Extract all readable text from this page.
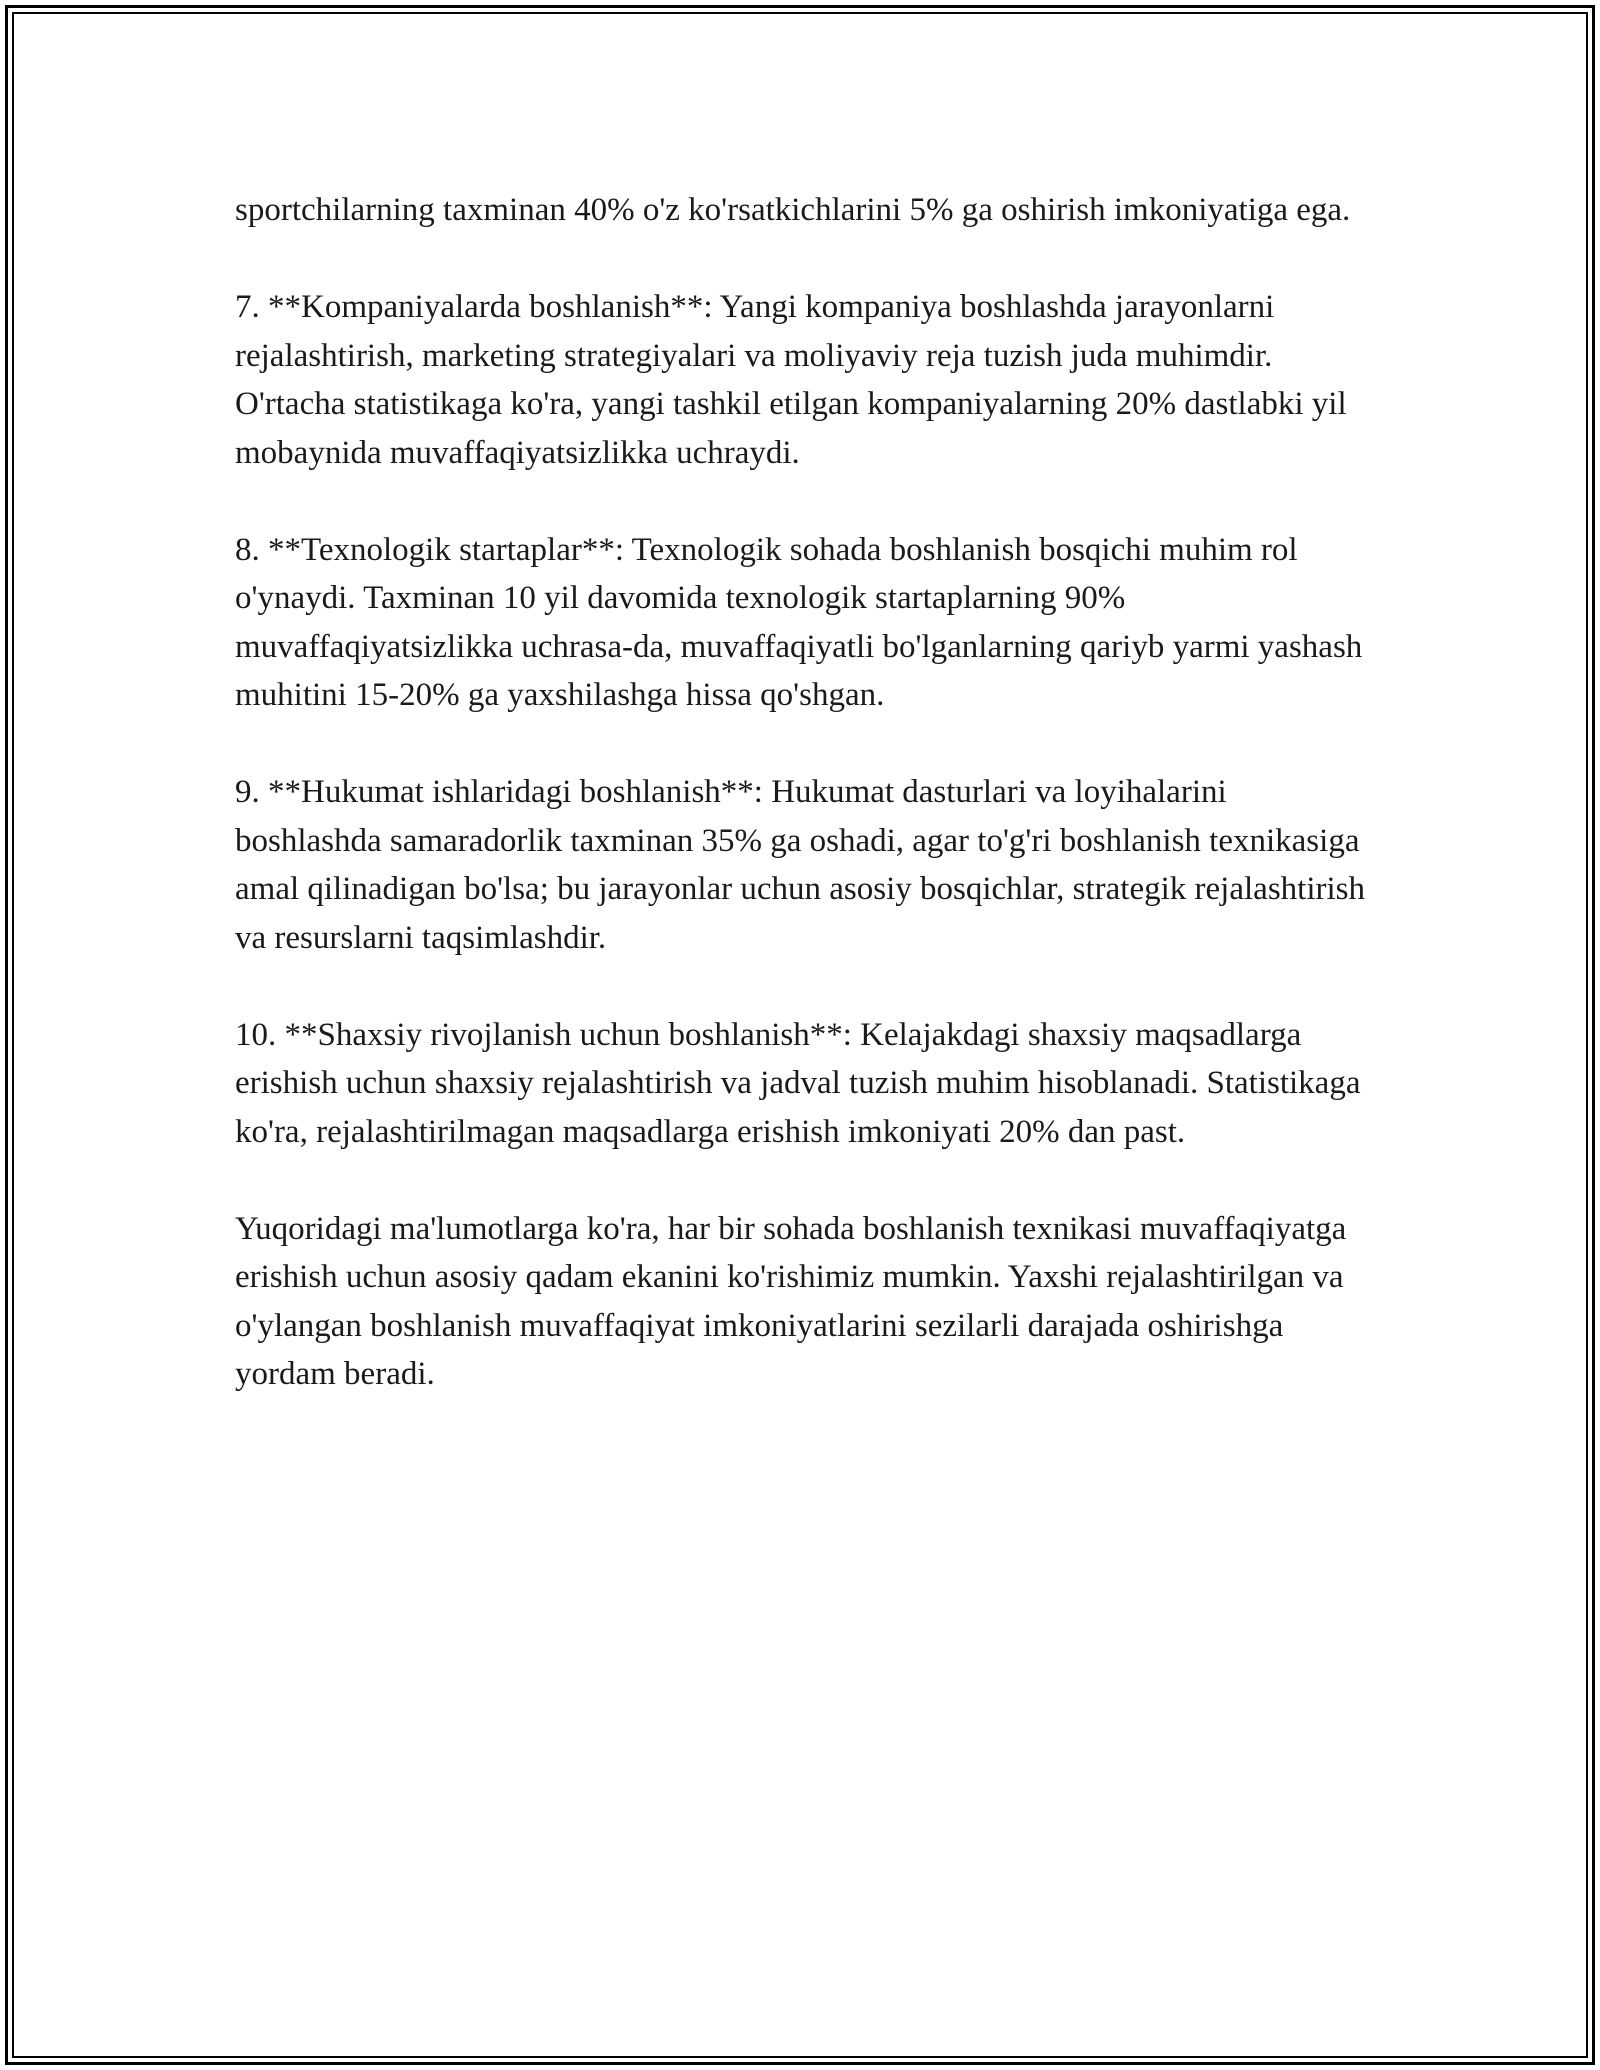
sportchilarning taxminan 40% o'z ko'rsatkichlarini 5% ga oshirish imkoniyatiga ega.

7. **Kompaniyalarda boshlanish**: Yangi kompaniya boshlashda jarayonlarni rejalashtirish, marketing strategiyalari va moliyaviy reja tuzish juda muhimdir. O'rtacha statistikaga ko'ra, yangi tashkil etilgan kompaniyalarning 20% dastlabki yil mobaynida muvaffaqiyatsizlikka uchraydi.

8. **Texnologik startaplar**: Texnologik sohada boshlanish bosqichi muhim rol o'ynaydi. Taxminan 10 yil davomida texnologik startaplarning 90% muvaffaqiyatsizlikka uchrasa-da, muvaffaqiyatli bo'lganlarning qariyb yarmi yashash muhitini 15-20% ga yaxshilashga hissa qo'shgan.

9. **Hukumat ishlaridagi boshlanish**: Hukumat dasturlari va loyihalarini boshlashda samaradorlik taxminan 35% ga oshadi, agar to'g'ri boshlanish texnikasiga amal qilinadigan bo'lsa; bu jarayonlar uchun asosiy bosqichlar, strategik rejalashtirish va resurslarni taqsimlashdir.

10. **Shaxsiy rivojlanish uchun boshlanish**: Kelajakdagi shaxsiy maqsadlarga erishish uchun shaxsiy rejalashtirish va jadval tuzish muhim hisoblanadi. Statistikaga ko'ra, rejalashtirilmagan maqsadlarga erishish imkoniyati 20% dan past.

Yuqoridagi ma'lumotlarga ko'ra, har bir sohada boshlanish texnikasi muvaffaqiyatga erishish uchun asosiy qadam ekanini ko'rishimiz mumkin. Yaxshi rejalashtirilgan va o'ylangan boshlanish muvaffaqiyat imkoniyatlarini sezilarli darajada oshirishga yordam beradi.
